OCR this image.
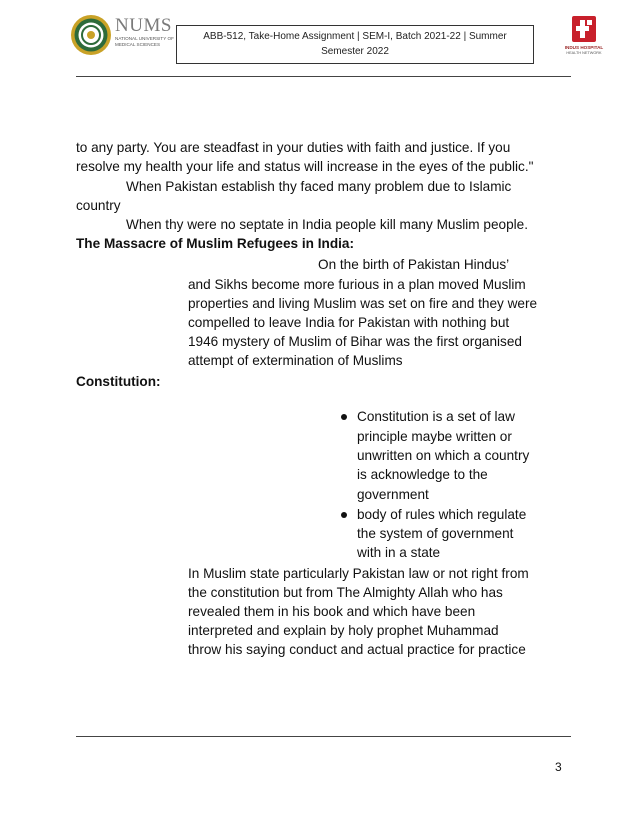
NUMS
NATIONAL UNIVERSITY OF MEDICAL SCIENCES
ABB-512, Take-Home Assignment | SEM-I, Batch 2021-22 | Summer
Semester 2022	INDUS HOSPITAL
HEALTH NETWORK
to any party. You are steadfast in your duties with faith and justice. If you
resolve my health your life and status will increase in the eyes of the public."
When Pakistan establish thy faced many problem due to Islamic
country
When thy were no septate in India people kill many Muslim people.
The Massacre of Muslim Refugees in India:
On the birth of Pakistan Hindus’
and Sikhs become more furious in a plan moved Muslim
properties and living Muslim was set on fire and they were
compelled to leave India for Pakistan with nothing but
1946 mystery of Muslim of Bihar was the first organised
attempt of extermination of Muslims
Constitution:
Constitution is a set of law
principle maybe written or
unwritten on which a country
is acknowledge to the
government
body of rules which regulate
the system of government
with in a state
In Muslim state particularly Pakistan law or not right from
the constitution but from The Almighty Allah who has
revealed them in his book and which have been
interpreted and explain by holy prophet Muhammad
throw his saying conduct and actual practice for practice
3
